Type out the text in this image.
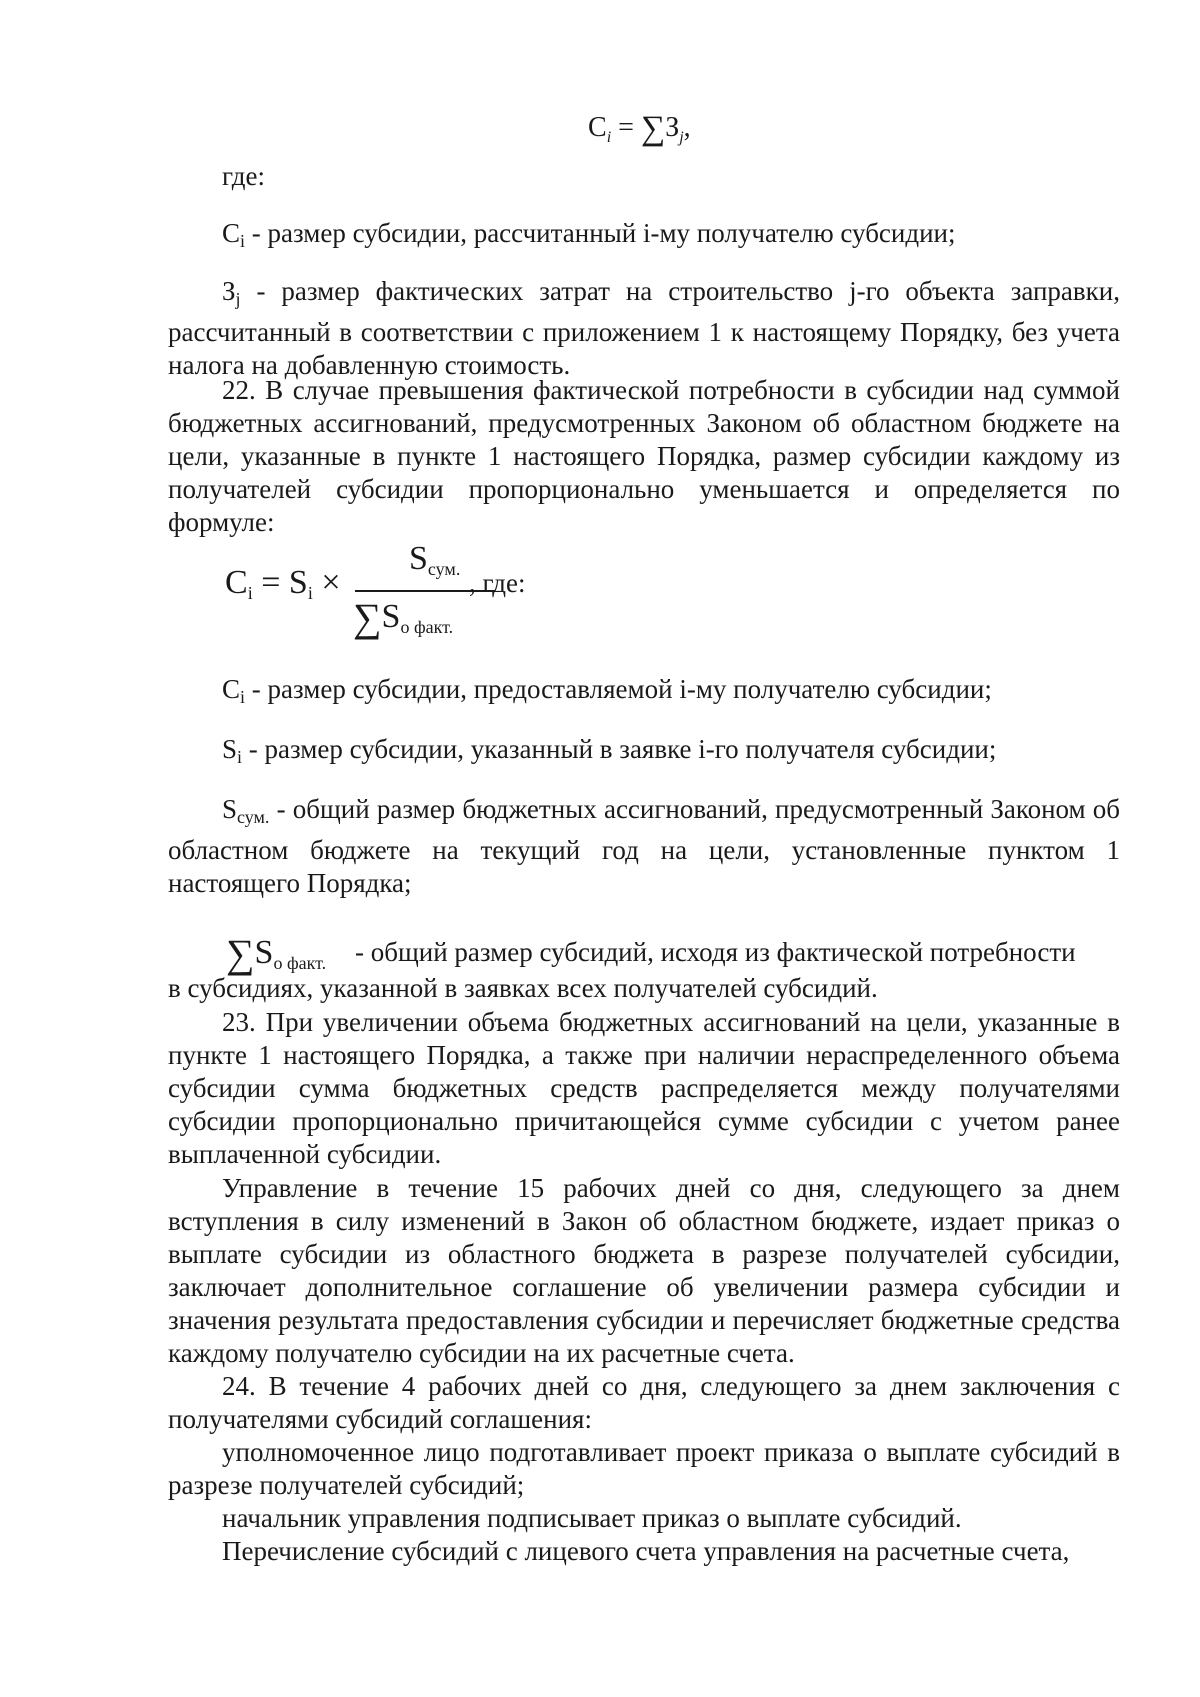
$C_i = \sum З_j$,

где:

Ci - размер субсидии, рассчитанный i-му получателю субсидии;

Зj - размер фактических затрат на строительство j-го объекта заправки, рассчитанный в соответствии с приложением 1 к настоящему Порядку, без учета налога на добавленную стоимость.

22. В случае превышения фактической потребности в субсидии над суммой бюджетных ассигнований, предусмотренных Законом об областном бюджете на цели, указанные в пункте 1 настоящего Порядка, размер субсидии каждому из получателей субсидии пропорционально уменьшается и определяется по формуле:

$C_i = S_i$ ×
$S_{сум.}$
$\sum S_{о факт.}$
, где:

Ci - размер субсидии, предоставляемой i-му получателю субсидии;

Si - размер субсидии, указанный в заявке i-го получателя субсидии;

Sсум. - общий размер бюджетных ассигнований, предусмотренный Законом об областном бюджете на текущий год на цели, установленные пунктом 1 настоящего Порядка;

$\sum S_{о факт.}$ - общий размер субсидий, исходя из фактической потребности

в субсидиях, указанной в заявках всех получателей субсидий.

23. При увеличении объема бюджетных ассигнований на цели, указанные в пункте 1 настоящего Порядка, а также при наличии нераспределенного объема субсидии сумма бюджетных средств распределяется между получателями субсидии пропорционально причитающейся сумме субсидии с учетом ранее выплаченной субсидии.

Управление в течение 15 рабочих дней со дня, следующего за днем вступления в силу изменений в Закон об областном бюджете, издает приказ о выплате субсидии из областного бюджета в разрезе получателей субсидии, заключает дополнительное соглашение об увеличении размера субсидии и значения результата предоставления субсидии и перечисляет бюджетные средства каждому получателю субсидии на их расчетные счета.

24. В течение 4 рабочих дней со дня, следующего за днем заключения с получателями субсидий соглашения:

уполномоченное лицо подготавливает проект приказа о выплате субсидий в разрезе получателей субсидий;

начальник управления подписывает приказ о выплате субсидий.

Перечисление субсидий с лицевого счета управления на расчетные счета,
